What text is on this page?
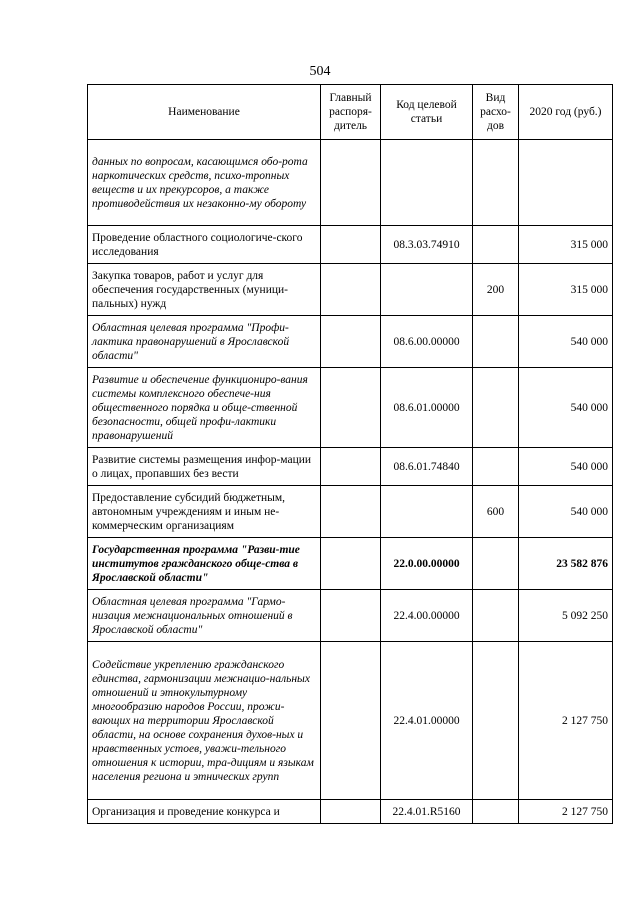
504
Наименование	Главный распоря-дитель	Код целевой статьи	Вид расхо-дов	2020 год (руб.)
данных по вопросам, касающимся обо-рота наркотических средств, психо-тропных веществ и их прекурсоров, а также противодействия их незаконно-му обороту				
Проведение областного социологиче-ского исследования		08.3.03.74910		315 000
Закупка товаров, работ и услуг для обеспечения государственных (муници-пальных) нужд			200	315 000
Областная целевая программа "Профи-лактика правонарушений в Ярославской области"		08.6.00.00000		540 000
Развитие и обеспечение функциониро-вания системы комплексного обеспече-ния общественного порядка и обще-ственной безопасности, общей профи-лактики правонарушений		08.6.01.00000		540 000
Развитие системы размещения инфор-мации о лицах, пропавших без вести		08.6.01.74840		540 000
Предоставление субсидий бюджетным, автономным учреждениям и иным не-коммерческим организациям			600	540 000
Государственная программа "Разви-тие институтов гражданского обще-ства в Ярославской области"		22.0.00.00000		23 582 876
Областная целевая программа "Гармо-низация межнациональных отношений в Ярославской области"		22.4.00.00000		5 092 250
Содействие укреплению гражданского единства, гармонизации межнацио-нальных отношений и этнокультурному многообразию народов России, прожи-вающих на территории Ярославской области, на основе сохранения духов-ных и нравственных устоев, уважи-тельного отношения к истории, тра-дициям и языкам населения региона и этнических групп		22.4.01.00000		2 127 750
Организация и проведение конкурса и		22.4.01.R5160		2 127 750
